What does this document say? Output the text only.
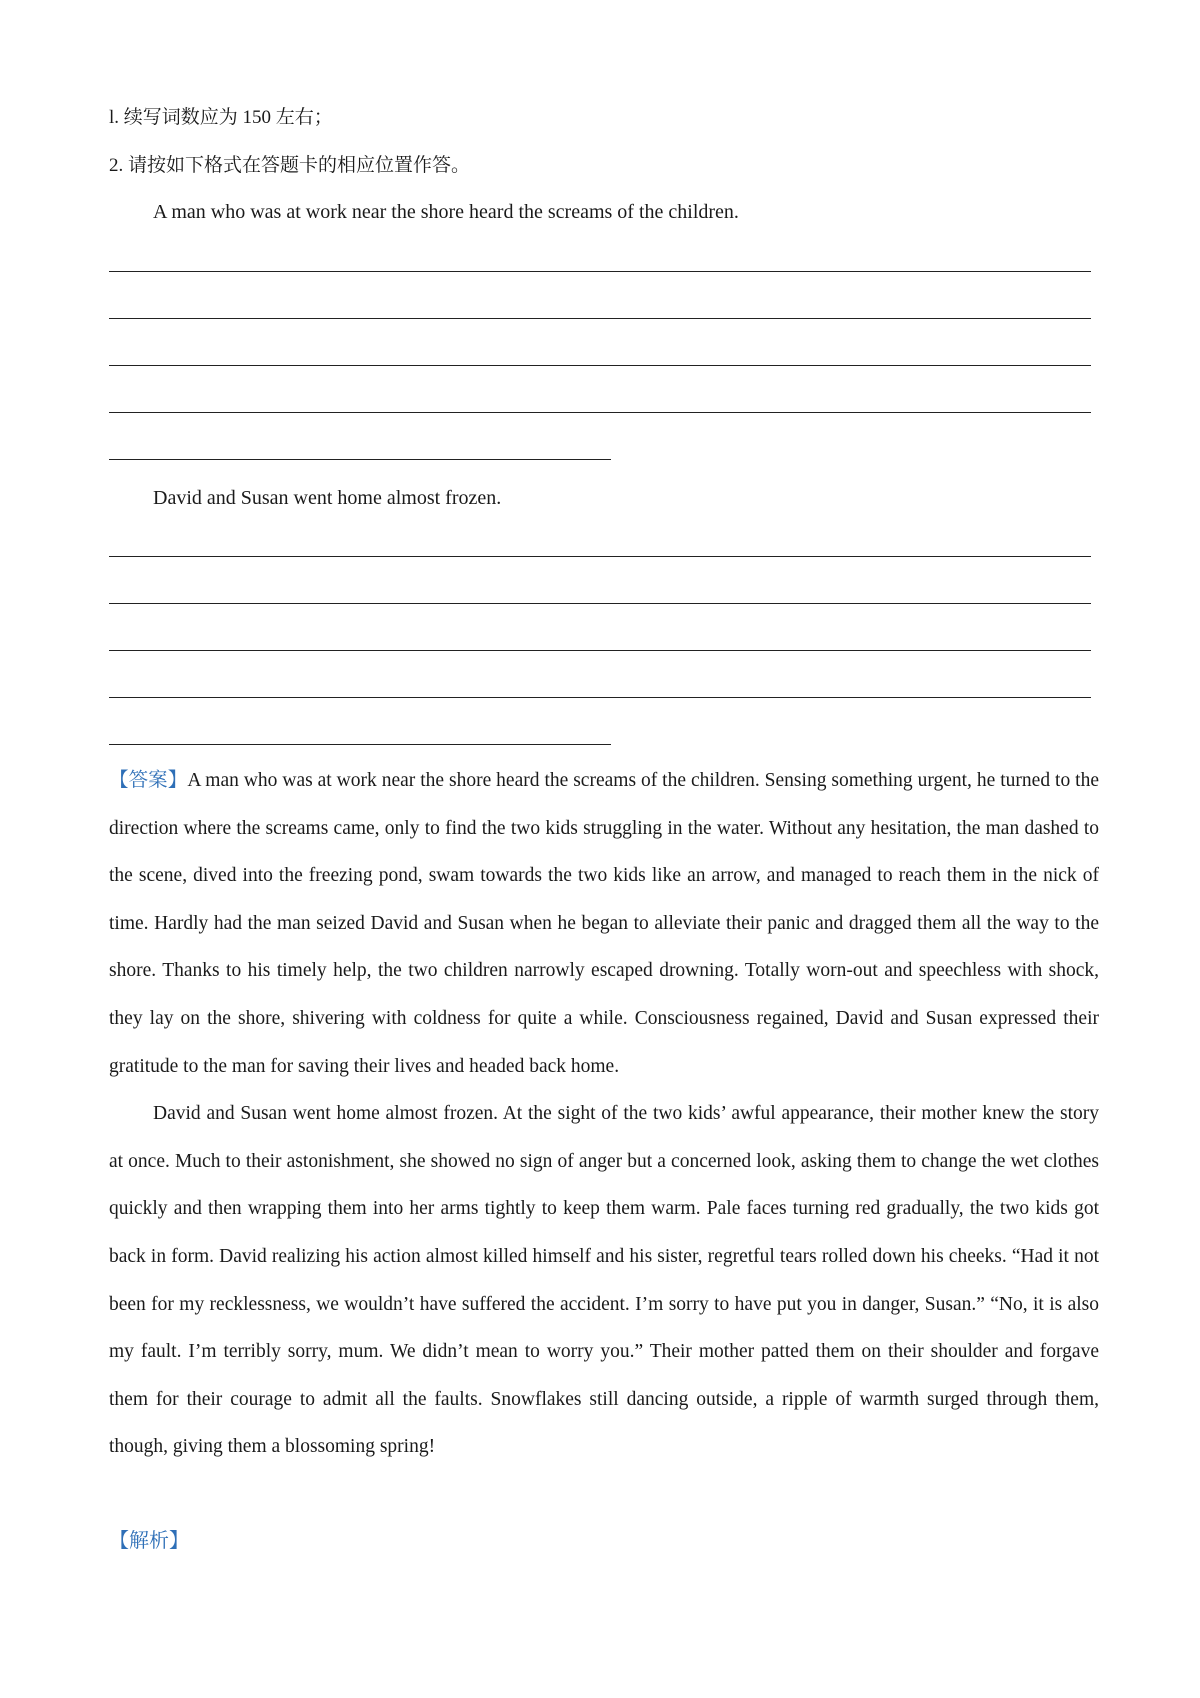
l. 续写词数应为 150 左右；
2. 请按如下格式在答题卡的相应位置作答。
A man who was at work near the shore heard the screams of the children.
David and Susan went home almost frozen.

【答案】A man who was at work near the shore heard the screams of the children. Sensing something urgent, he turned to the direction where the screams came, only to find the two kids struggling in the water. Without any hesitation, the man dashed to the scene, dived into the freezing pond, swam towards the two kids like an arrow, and managed to reach them in the nick of time. Hardly had the man seized David and Susan when he began to alleviate their panic and dragged them all the way to the shore. Thanks to his timely help, the two children narrowly escaped drowning. Totally worn-out and speechless with shock, they lay on the shore, shivering with coldness for quite a while. Consciousness regained, David and Susan expressed their gratitude to the man for saving their lives and headed back home.

David and Susan went home almost frozen. At the sight of the two kids’ awful appearance, their mother knew the story at once. Much to their astonishment, she showed no sign of anger but a concerned look, asking them to change the wet clothes quickly and then wrapping them into her arms tightly to keep them warm. Pale faces turning red gradually, the two kids got back in form. David realizing his action almost killed himself and his sister, regretful tears rolled down his cheeks. “Had it not been for my recklessness, we wouldn’t have suffered the accident. I’m sorry to have put you in danger, Susan.” “No, it is also my fault. I’m terribly sorry, mum. We didn’t mean to worry you.” Their mother patted them on their shoulder and forgave them for their courage to admit all the faults. Snowflakes still dancing outside, a ripple of warmth surged through them, though, giving them a blossoming spring!

【解析】
